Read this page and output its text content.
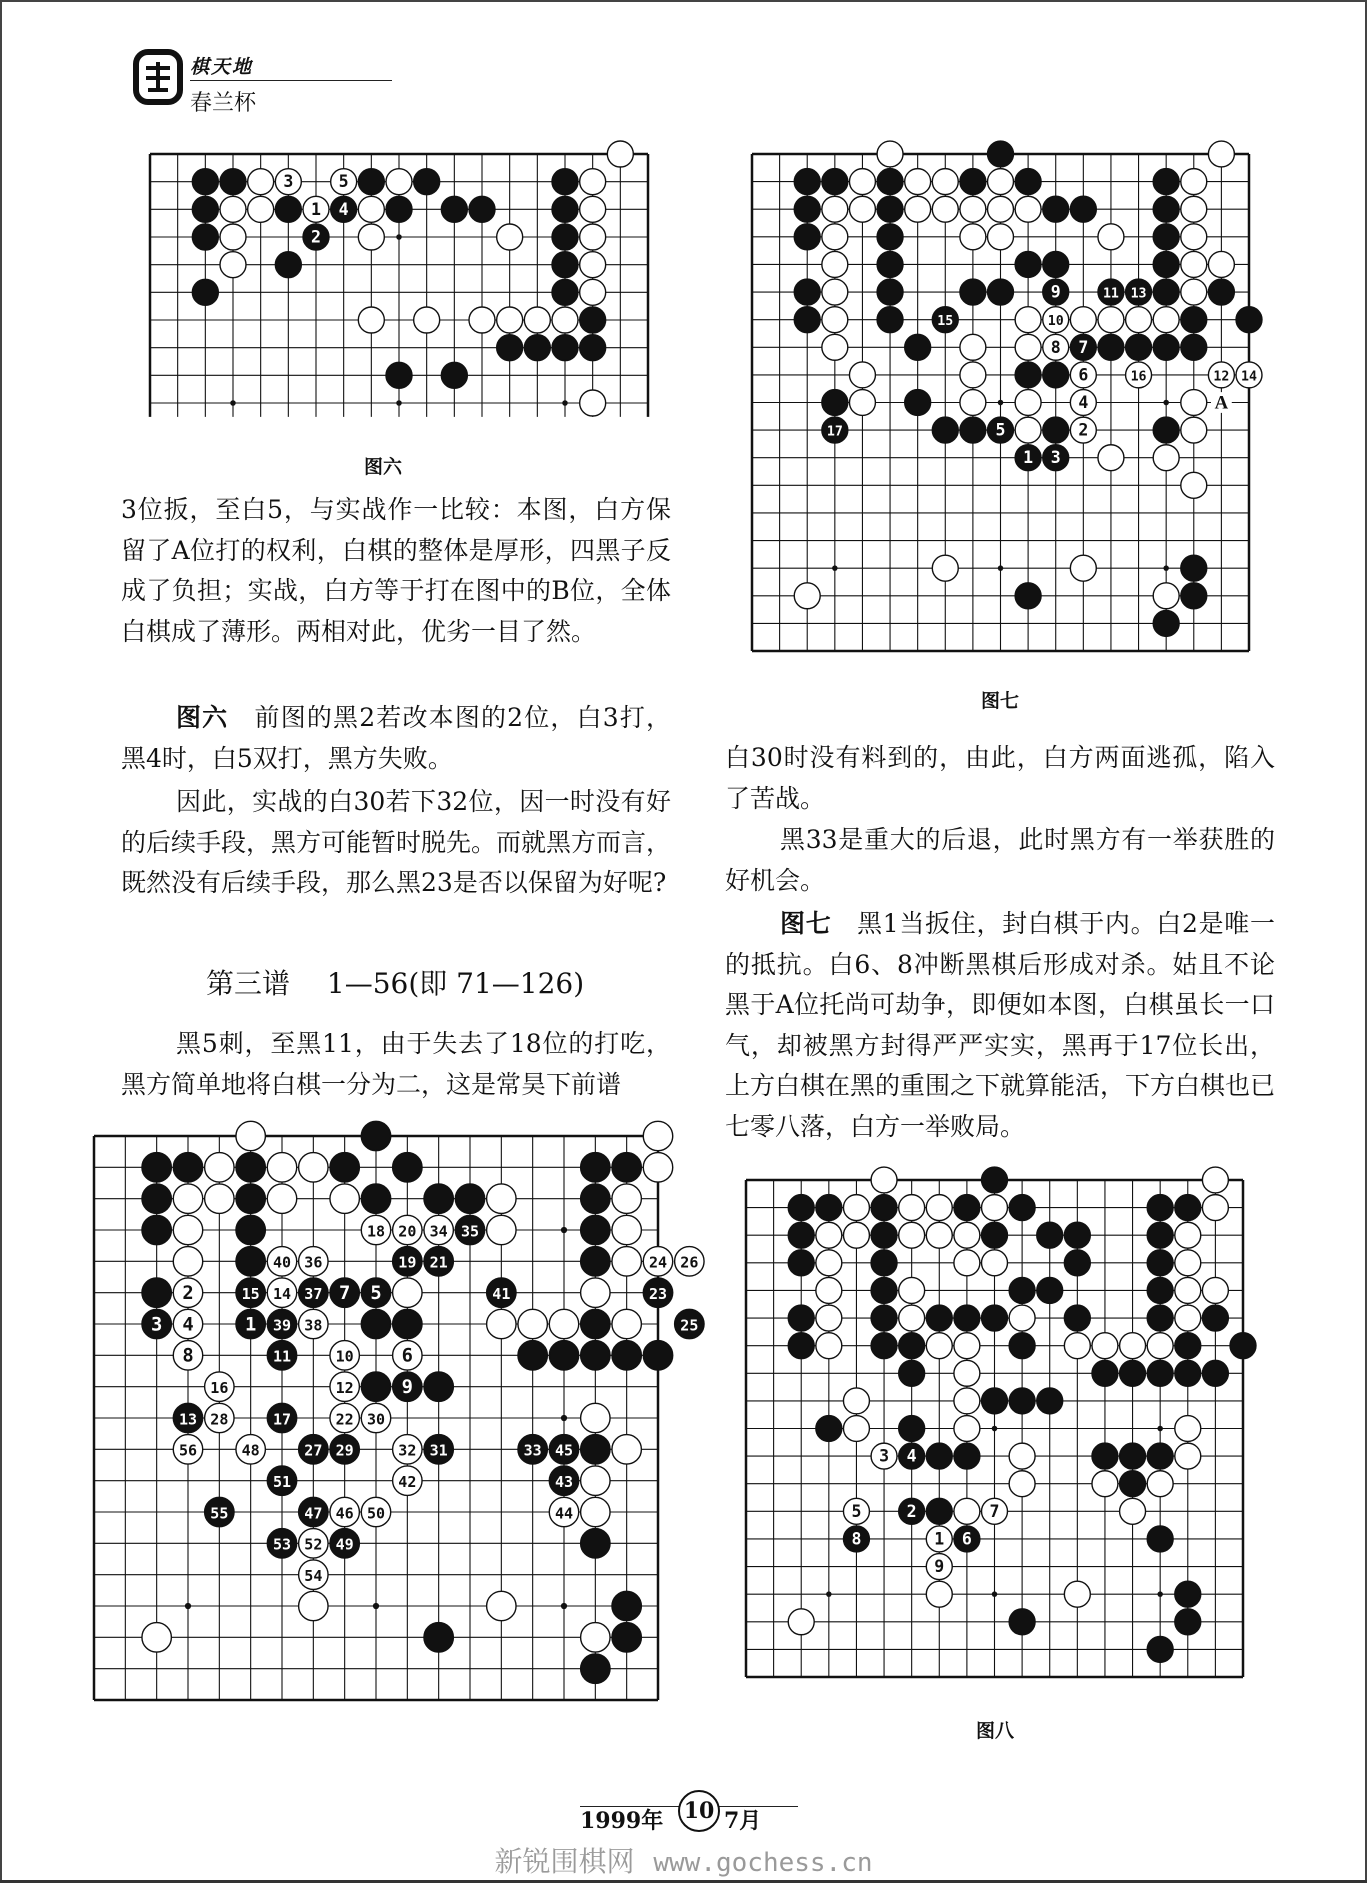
棋天地
春兰杯
3	5
1 4
2
图六
9	11 13
15	10
8 7
6	16	12 14
4
17	5	2
1 3
A
图七
18 20 34 35
40 36	19 21	24 26
2	15 14 37 7 5	41	23
3 4	1 39 38	25
8	11	10	6
16	12	9
13 28	17	22 30
56	48	27 29	32 31	33 45
51	42	43
55	47 46 50	44
53 52 49
54
3 4
5	2	7
8	1 6
9
图八

3位扳，至白5，与实战作一比较：本图，白方保留了A位打的权利，白棋的整体是厚形，四黑子反成了负担；实战，白方等于打在图中的B位，全体白棋成了薄形。两相对此，优劣一目了然。

图六　前图的黑2若改本图的2位，白3打，黑4时，白5双打，黑方失败。

因此，实战的白30若下32位，因一时没有好的后续手段，黑方可能暂时脱先。而就黑方而言，既然没有后续手段，那么黑23是否以保留为好呢?

第三谱　 1—56(即 71—126)

黑5刺，至黑11，由于失去了18位的打吃，黑方简单地将白棋一分为二，这是常昊下前谱

白30时没有料到的，由此，白方两面逃孤，陷入了苦战。

黑33是重大的后退，此时黑方有一举获胜的好机会。

图七　黑1当扳住，封白棋于内。白2是唯一的抵抗。白6、8冲断黑棋后形成对杀。姑且不论黑于A位托尚可劫争，即便如本图，白棋虽长一口气，却被黑方封得严严实实，黑再于17位长出，上方白棋在黑的重围之下就算能活，下方白棋也已七零八落，白方一举败局。

1999年 10 7月
新锐围棋网 www.gochess.cn
